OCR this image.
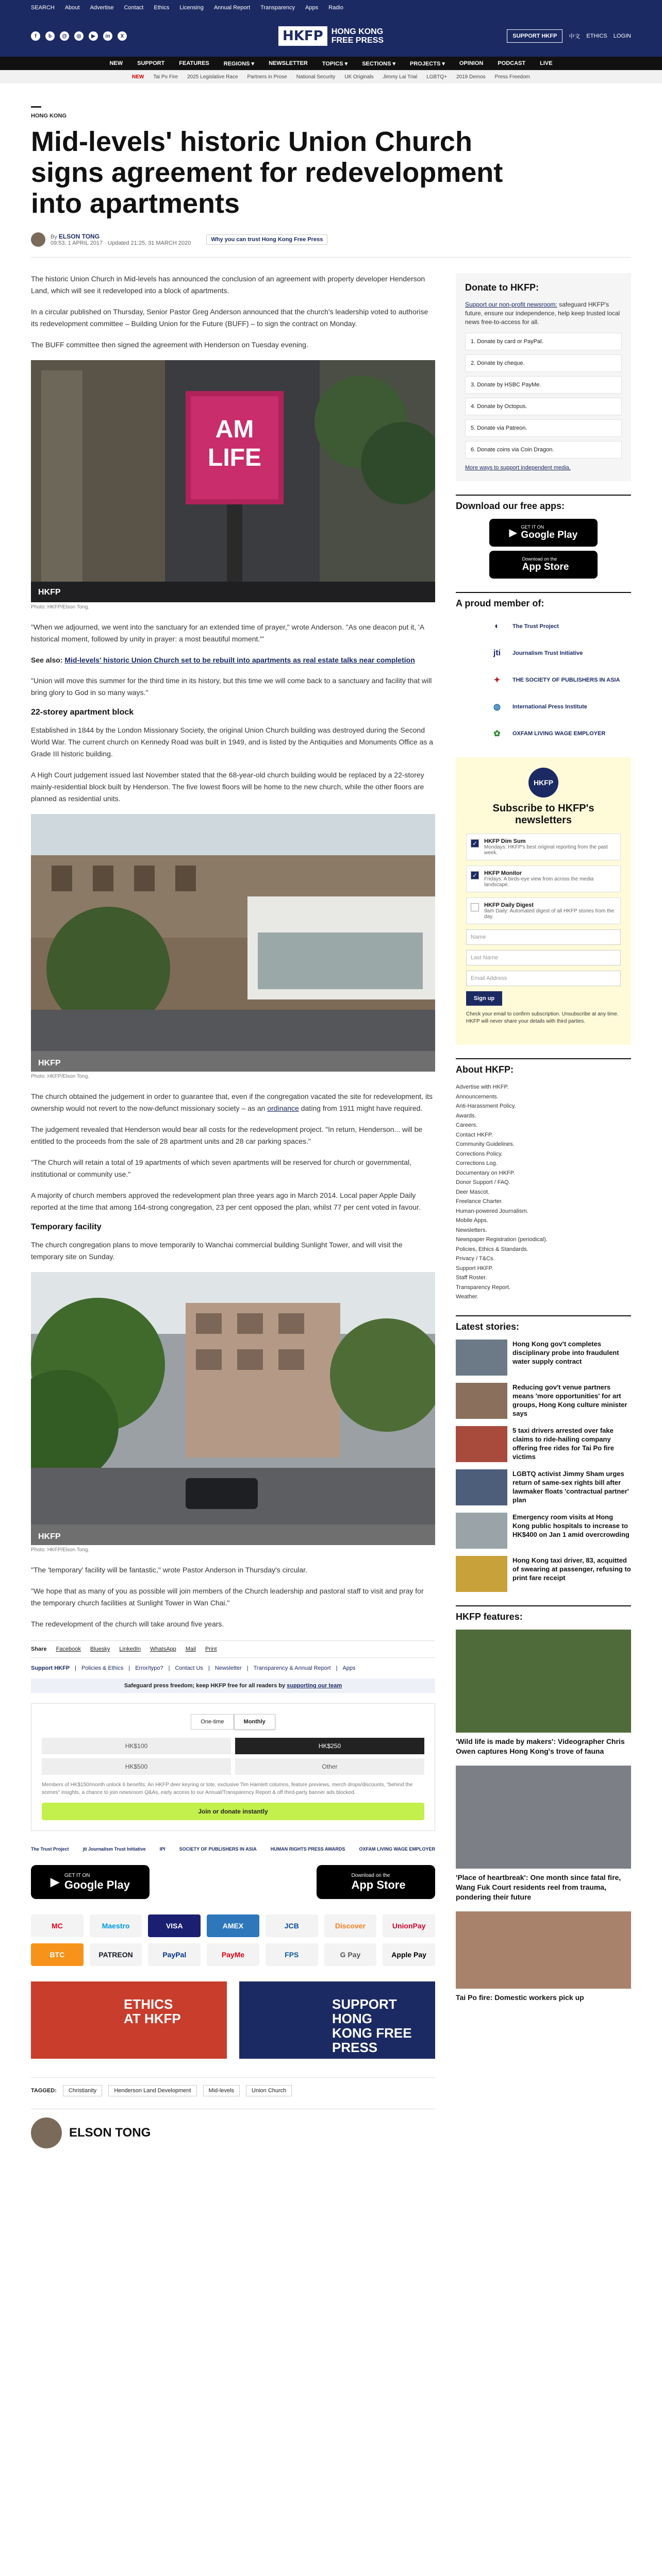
SEARCH About Advertise Contact Ethics Licensing Annual Report Transparency Apps Radio
f	b	@	◎	▶	in	X	HKFP	HONG KONG
FREE PRESS	SUPPORT HKFP	中文 ETHICS LOGIN
NEW	SUPPORT	FEATURES	REGIONS ▾	NEWSLETTER	TOPICS ▾	SECTIONS ▾	PROJECTS ▾	OPINION	PODCAST	LIVE
NEW Tai Po Fire 2025 Legislative Race Partners in Prose National Security UK Originals Jimmy Lai Trial LGBTQ+ 2019 Demos Press Freedom
HONG KONG
Mid-levels' historic Union Church signs agreement for redevelopment into apartments
By ELSON TONG
09:53, 1 APRIL 2017 · Updated 21:25, 31 MARCH 2020
Why you can trust Hong Kong Free Press

The historic Union Church in Mid-levels has announced the conclusion of an agreement with property developer Henderson Land, which will see it redeveloped into a block of apartments.

In a circular published on Thursday, Senior Pastor Greg Anderson announced that the church's leadership voted to authorise its redevelopment committee – Building Union for the Future (BUFF) – to sign the contract on Monday.

The BUFF committee then signed the agreement with Henderson on Tuesday evening.

AM
LIFE
HKFP
Photo: HKFP/Elson Tong.

"When we adjourned, we went into the sanctuary for an extended time of prayer," wrote Anderson. "As one deacon put it, 'A historical moment, followed by unity in prayer: a most beautiful moment.'"

See also: Mid-levels' historic Union Church set to be rebuilt into apartments as real estate talks near completion

"Union will move this summer for the third time in its history, but this time we will come back to a sanctuary and facility that will bring glory to God in so many ways."

22-storey apartment block

Established in 1844 by the London Missionary Society, the original Union Church building was destroyed during the Second World War. The current church on Kennedy Road was built in 1949, and is listed by the Antiquities and Monuments Office as a Grade III historic building.

A High Court judgement issued last November stated that the 68-year-old church building would be replaced by a 22-storey mainly-residential block built by Henderson. The five lowest floors will be home to the new church, while the other floors are planned as residential units.

HKFP
Photo: HKFP/Elson Tong.

The church obtained the judgement in order to guarantee that, even if the congregation vacated the site for redevelopment, its ownership would not revert to the now-defunct missionary society – as an ordinance dating from 1911 might have required.

The judgement revealed that Henderson would bear all costs for the redevelopment project. "In return, Henderson... will be entitled to the proceeds from the sale of 28 apartment units and 28 car parking spaces."

"The Church will retain a total of 19 apartments of which seven apartments will be reserved for church or governmental, institutional or community use."

A majority of church members approved the redevelopment plan three years ago in March 2014. Local paper Apple Daily reported at the time that among 164-strong congregation, 23 per cent opposed the plan, whilst 77 per cent voted in favour.

Temporary facility

The church congregation plans to move temporarily to Wanchai commercial building Sunlight Tower, and will visit the temporary site on Sunday.

HKFP
Photo: HKFP/Elson Tong.

"The 'temporary' facility will be fantastic," wrote Pastor Anderson in Thursday's circular.

"We hope that as many of you as possible will join members of the Church leadership and pastoral staff to visit and pray for the temporary church facilities at Sunlight Tower in Wan Chai."

The redevelopment of the church will take around five years.

Share Facebook Bluesky LinkedIn WhatsApp Mail Print
Support HKFP | Policies & Ethics | Error/typo? | Contact Us | Newsletter | Transparency & Annual Report | Apps
Safeguard press freedom; keep HKFP free for all readers by supporting our team
One-time	Monthly
HK$100	HK$250
HK$500	Other
Members of HK$150/month unlock 6 benefits: An HKFP deer keyring or tote, exclusive Tim Hamlett columns, feature previews, merch drops/discounts, "behind the scenes" insights, a chance to join newsroom Q&As, early access to our Annual/Transparency Report & off third-party banner ads blocked.
Join or donate instantly
The Trust Project	jti Journalism Trust Initiative	IPI	SOCIETY OF PUBLISHERS IN ASIA	HUMAN RIGHTS PRESS AWARDS	OXFAM LIVING WAGE EMPLOYER
▶ GET IT ON
Google Play
Download on the
App Store
MC	Maestro	VISA	AMEX	JCB	Discover	UnionPay
BTC	PATREON	PayPal	PayMe	FPS	G Pay	Apple Pay
ETHICS
AT HKFP
SUPPORT HONG
KONG FREE PRESS
TAGGED:	Christianity	Henderson Land Development	Mid-levels	Union Church
ELSON TONG
Donate to HKFP:

Support our non-profit newsroom: safeguard HKFP's future, ensure our independence, help keep trusted local news free-to-access for all.

1. Donate by card or PayPal.
2. Donate by cheque.
3. Donate by HSBC PayMe.
4. Donate by Octopus.
5. Donate via Patreon.
6. Donate coins via Coin Dragon.
More ways to support independent media.
Download our free apps:
▶
GET IT ON
Google Play
Download on the
App Store
A proud member of:
◐	The Trust Project
jti	Journalism Trust Initiative
✦	THE SOCIETY OF PUBLISHERS IN ASIA
◍	International Press Institute
✿	OXFAM LIVING WAGE EMPLOYER
HKFP
Subscribe to HKFP's newsletters
✓ HKFP Dim Sum
Mondays: HKFP's best original reporting from the past week.
✓ HKFP Monitor
Fridays: A birds-eye view from across the media landscape.
HKFP Daily Digest
9am Daily: Automated digest of all HKFP stories from the day.
Name
Last Name
Email Address
Sign up

Check your email to confirm subscription. Unsubscribe at any time. HKFP will never share your details with third parties.

About HKFP:
Advertise with HKFP.
Announcements.
Anti-Harassment Policy.
Awards.
Careers.
Contact HKFP.
Community Guidelines.
Corrections Policy.
Corrections Log.
Documentary on HKFP.
Donor Support / FAQ.
Deer Mascot.
Freelance Charter.
Human-powered Journalism.
Mobile Apps.
Newsletters.
Newspaper Registration (periodical).
Policies, Ethics & Standards.
Privacy / T&Cs.
Support HKFP.
Staff Roster.
Transparency Report.
Weather.
Latest stories:
Hong Kong gov't completes disciplinary probe into fraudulent water supply contract
Reducing gov't venue partners means 'more opportunities' for art groups, Hong Kong culture minister says
5 taxi drivers arrested over fake claims to ride-hailing company offering free rides for Tai Po fire victims
LGBTQ activist Jimmy Sham urges return of same-sex rights bill after lawmaker floats 'contractual partner' plan
Emergency room visits at Hong Kong public hospitals to increase to HK$400 on Jan 1 amid overcrowding
Hong Kong taxi driver, 83, acquitted of swearing at passenger, refusing to print fare receipt
HKFP features:
'Wild life is made by makers': Videographer Chris Owen captures Hong Kong's trove of fauna
'Place of heartbreak': One month since fatal fire, Wang Fuk Court residents reel from trauma, pondering their future
Tai Po fire: Domestic workers pick up
